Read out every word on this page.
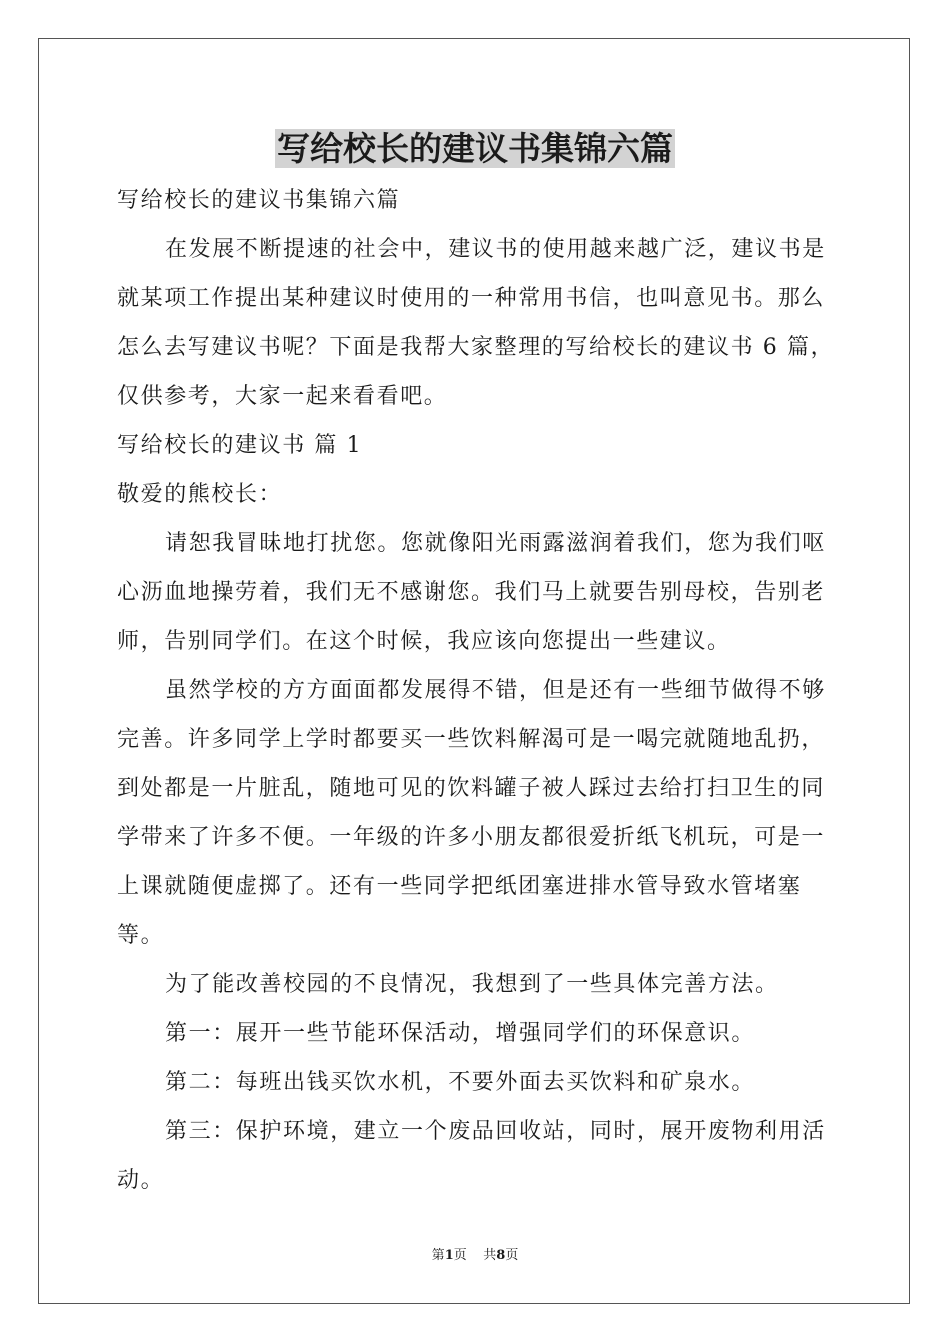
写给校长的建议书集锦六篇

写给校长的建议书集锦六篇

在发展不断提速的社会中，建议书的使用越来越广泛，建议书是就某项工作提出某种建议时使用的一种常用书信，也叫意见书。那么怎么去写建议书呢？下面是我帮大家整理的写给校长的建议书 6 篇，仅供参考，大家一起来看看吧。

写给校长的建议书 篇 1

敬爱的熊校长：

请恕我冒昧地打扰您。您就像阳光雨露滋润着我们，您为我们呕心沥血地操劳着，我们无不感谢您。我们马上就要告别母校，告别老师，告别同学们。在这个时候，我应该向您提出一些建议。

虽然学校的方方面面都发展得不错，但是还有一些细节做得不够完善。许多同学上学时都要买一些饮料解渴可是一喝完就随地乱扔，到处都是一片脏乱，随地可见的饮料罐子被人踩过去给打扫卫生的同学带来了许多不便。一年级的许多小朋友都很爱折纸飞机玩，可是一上课就随便虚掷了。还有一些同学把纸团塞进排水管导致水管堵塞等。

为了能改善校园的不良情况，我想到了一些具体完善方法。

第一：展开一些节能环保活动，增强同学们的环保意识。

第二：每班出钱买饮水机，不要外面去买饮料和矿泉水。

第三：保护环境，建立一个废品回收站，同时，展开废物利用活动。

第1页    共8页
